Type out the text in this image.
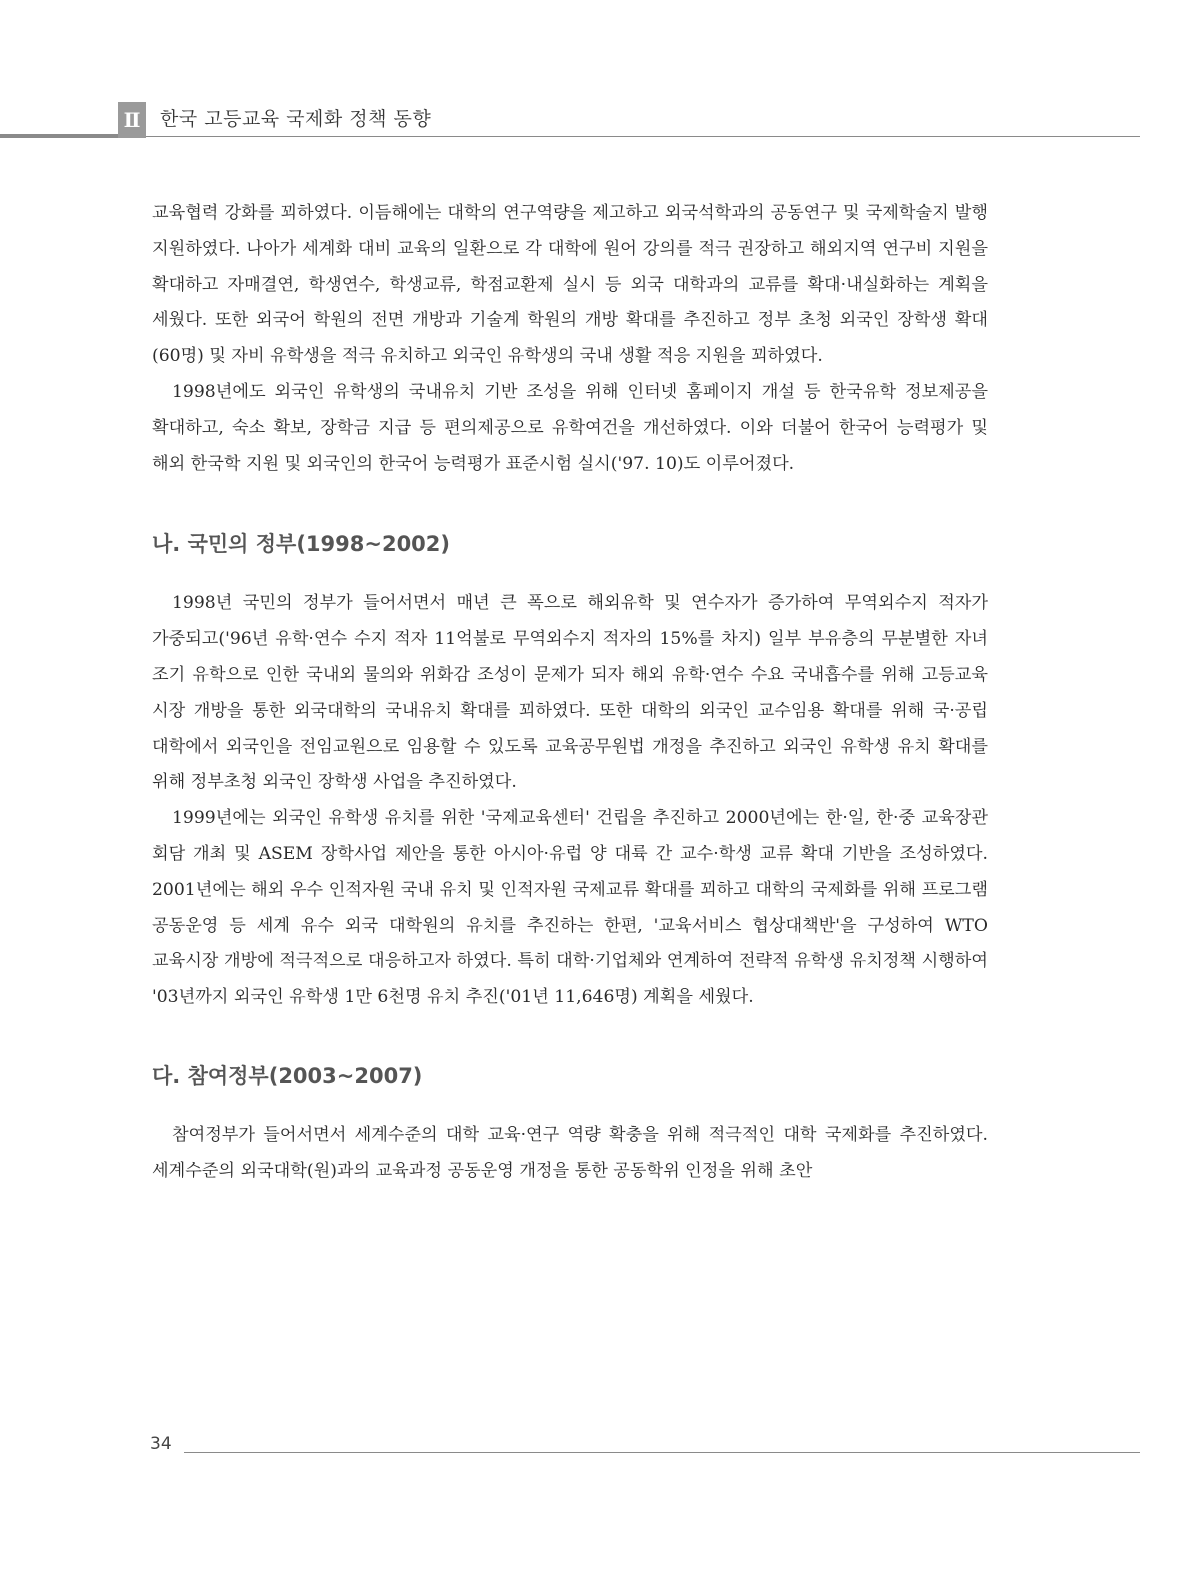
Ⅱ 한국 고등교육 국제화 정책 동향

교육협력 강화를 꾀하였다. 이듬해에는 대학의 연구역량을 제고하고 외국석학과의 공동연구 및 국제학술지 발행 지원하였다. 나아가 세계화 대비 교육의 일환으로 각 대학에 원어 강의를 적극 권장하고 해외지역 연구비 지원을 확대하고 자매결연, 학생연수, 학생교류, 학점교환제 실시 등 외국 대학과의 교류를 확대·내실화하는 계획을 세웠다. 또한 외국어 학원의 전면 개방과 기술계 학원의 개방 확대를 추진하고 정부 초청 외국인 장학생 확대(60명) 및 자비 유학생을 적극 유치하고 외국인 유학생의 국내 생활 적응 지원을 꾀하였다.

1998년에도 외국인 유학생의 국내유치 기반 조성을 위해 인터넷 홈페이지 개설 등 한국유학 정보제공을 확대하고, 숙소 확보, 장학금 지급 등 편의제공으로 유학여건을 개선하였다. 이와 더불어 한국어 능력평가 및 해외 한국학 지원 및 외국인의 한국어 능력평가 표준시험 실시('97. 10)도 이루어졌다.

나. 국민의 정부(1998~2002)

1998년 국민의 정부가 들어서면서 매년 큰 폭으로 해외유학 및 연수자가 증가하여 무역외수지 적자가 가중되고('96년 유학·연수 수지 적자 11억불로 무역외수지 적자의 15%를 차지) 일부 부유층의 무분별한 자녀 조기 유학으로 인한 국내외 물의와 위화감 조성이 문제가 되자 해외 유학·연수 수요 국내흡수를 위해 고등교육 시장 개방을 통한 외국대학의 국내유치 확대를 꾀하였다. 또한 대학의 외국인 교수임용 확대를 위해 국·공립 대학에서 외국인을 전임교원으로 임용할 수 있도록 교육공무원법 개정을 추진하고 외국인 유학생 유치 확대를 위해 정부초청 외국인 장학생 사업을 추진하였다.

1999년에는 외국인 유학생 유치를 위한 '국제교육센터' 건립을 추진하고 2000년에는 한·일, 한·중 교육장관 회담 개최 및 ASEM 장학사업 제안을 통한 아시아·유럽 양 대륙 간 교수·학생 교류 확대 기반을 조성하였다. 2001년에는 해외 우수 인적자원 국내 유치 및 인적자원 국제교류 확대를 꾀하고 대학의 국제화를 위해 프로그램 공동운영 등 세계 유수 외국 대학원의 유치를 추진하는 한편, '교육서비스 협상대책반'을 구성하여 WTO 교육시장 개방에 적극적으로 대응하고자 하였다. 특히 대학·기업체와 연계하여 전략적 유학생 유치정책 시행하여 '03년까지 외국인 유학생 1만 6천명 유치 추진('01년 11,646명) 계획을 세웠다.

다. 참여정부(2003~2007)

참여정부가 들어서면서 세계수준의 대학 교육·연구 역량 확충을 위해 적극적인 대학 국제화를 추진하였다. 세계수준의 외국대학(원)과의 교육과정 공동운영 개정을 통한 공동학위 인정을 위해 초안

34
